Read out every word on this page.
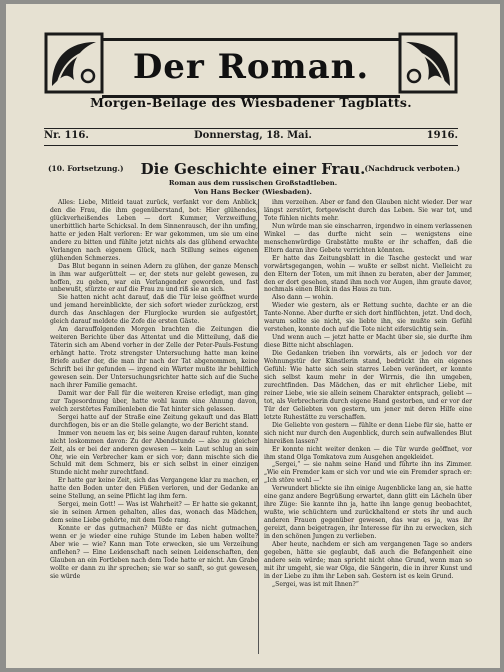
Der Roman.
Morgen-Beilage des Wiesbadener Tagblatts.
Nr. 116.	Donnerstag, 18. Mai.	1916.
(10. Fortsetzung.)	(Nachdruck verboten.)
Die Geschichte einer Frau.
Roman aus dem russischen Großstadtleben.
Von Hans Becker (Wiesbaden).

Alles: Liebe, Mitleid tauat zurück, verfankt vor dem Anblick, den die Frau, die ihm gegenüberstand, bot: Hier glühendes, glückverheißendes Leben — dort Kummer, Verzweiflung, unerbittlich harte Schicksal. In dem Sinnenrausch, der ihn umfing, hatte er jeden Halt verloren: Er war gekommen, um sie um eine andere zu bitten und fühlte jetzt nichts als das glühend erwachte Verlangen nach eigenem Glück, nach Stillung seines eigenen glühenden Schmerzes.

Das Blut begann in seinen Adern zu glühen, der ganze Mensch in ihm war aufgerüttelt — er, der stets nur gelebt gewesen, zu hoffen, zu geben, war ein Verlangender geworden, und fast unbewußt, stürzte er auf die Frau zu und riß sie an sich.

Sie hatten nicht acht darauf, daß die Tür leise geöffnet wurde und jemand hereinblickte, der sich sofort wieder zurückzog, erst durch das Anschlagen der Flurglocke wurden sie aufgestört, gleich darauf meldete die Zofe die ersten Gäste.

Am darauffolgenden Morgen brachten die Zeitungen die weiteren Berichte über das Attentat und die Mitteilung, daß die Täterin sich am Abend vorher in der Zelle der Peter-Pauls-Festung erhängt hatte. Trotz strengster Untersuchung hatte man keine Briefe außer der, die man ihr nach der Tat abgenommen, keine Schrift bei ihr gefunden — irgend ein Wärter mußte ihr behilflich gewesen sein. Der Untersuchungsrichter hatte sich auf die Suche nach ihrer Familie gemacht.

Damit war der Fall für die weiteren Kreise erledigt, man ging zur Tagesordnung über, hatte wohl kaum eine Ahnung davon, welch zerstörtes Familienleben die Tat hinter sich gelassen.

Sergei hatte auf der Straße eine Zeitung gekauft und das Blatt durchflogen, bis er an die Stelle gelangte, wo der Bericht stand.

Immer von neuem las er, bis seine Augen darauf ruhten, konnte nicht loskommen davon: Zu der Abendstunde — also zu gleicher Zeit, als er bei der anderen gewesen — kein Laut schlug an sein Ohr, wie ein Verbrecher kam er sich vor; dann mischte sich die Schuld mit dem Schmerz, bis er sich selbst in einer einzigen Stunde nicht mehr zurechtfand.

Er hatte gar keine Zeit, sich das Vergangene klar zu machen, er hatte den Boden unter den Füßen verloren, und der Gedanke an seine Stellung, an seine Pflicht lag ihm fern.

Sergei, mein Gott! — Was ist Wahrheit? — Er hatte sie gekannt, sie in seinen Armen gehalten, alles das, wonach das Mädchen, dem seine Liebe gehörte, mit dem Tode rang.

Konnte er das gutmachen? Müßte er das nicht gutmachen, wenn er je wieder eine ruhige Stunde im Leben haben wollte? Aber wie — wie? Kann man Tote erwecken, sie um Verzeihung anflehen? — Eine Leidenschaft nach seinen Leidenschaften, den Glauben an ein Fortleben nach dem Tode hatte er nicht. Am Grabe wollte er dann zu ihr sprechen; sie war so sanft, so gut gewesen, sie würde

ihm verzeihen. Aber er fand den Glauben nicht wieder. Der war längst zerstört, fortgewischt durch das Leben. Sie war tot, und Tote fühlen nichts mehr.

Nun würde man sie einscharren, irgendwo in einem verlassenen Winkel — das durfte nicht sein — wenigstens eine menschenwürdige Grabstätte mußte er ihr schaffen, daß die Eltern daran ihre Gebete verrichten könnten.

Er hatte das Zeitungsblatt in die Tasche gesteckt und war vorwärtsgegangen, wohin — wußte er selbst nicht. Vielleicht zu den Eltern der Toten, um mit ihnen zu beraten, aber der Jammer, den er dort gesehen, stand ihm noch vor Augen, ihm graute davor, nochmals einen Blick in das Haus zu tun.

Also dann — wohin.

Wieder wie gestern, als er Rettung suchte, dachte er an die Tante-Nonne. Aber durfte er sich dort hinflüchten, jetzt. Und doch, warum sollte sie nicht, sie liebte ihn, sie mußte sein Gefühl verstehen, konnte doch auf die Tote nicht eifersüchtig sein.

Und wenn auch — jetzt hatte er Macht über sie, sie durfte ihm diese Bitte nicht abschlagen.

Die Gedanken trieben ihn vorwärts, als er jedoch vor der Wohnungstür der Künstlerin stand, bedrückt ihn ein eigenes Gefühl: Wie hatte sich sein starres Leben verändert, er konnte sich selbst kaum mehr in der Wirrnis, die ihn umgeben, zurechtfinden. Das Mädchen, das er mit ehrlicher Liebe, mit reiner Liebe, wie sie allein seinem Charakter entsprach, geliebt — tot, als Verbrecherin durch eigene Hand gestorben, und er vor der Tür der Geliebten von gestern, um jener mit deren Hilfe eine letzte Ruhestätte zu verschaffen.

Die Geliebte von gestern — fühlte er denn Liebe für sie, hatte er sich nicht nur durch den Augenblick, durch sein aufwallendes Blut hinreißen lassen?

Er konnte nicht weiter denken — die Tür wurde geöffnet, vor ihm stand Olga Tomkatova zum Ausgehen angekleidet.

„Sergei,“ — sie nahm seine Hand und führte ihn ins Zimmer. „Wie ein Fremder kam er sich vor und wie ein Fremder sprach er: „Ich störe wohl —“

Verwundert blickte sie ihn einige Augenblicke lang an, sie hatte eine ganz andere Begrüßung erwartet, dann glitt ein Lächeln über ihre Züge: Sie kannte ihn ja, hatte ihn lange genug beobachtet, wußte, wie schüchtern und zurückhaltend er stets ihr und auch anderen Frauen gegenüber gewesen, das war es ja, was ihr gereizt, dann beigetragen, ihr Interesse für ihn zu erwecken, sich in den schönen Jungen zu verlieben.

Aber heute, nachdem er sich am vergangenen Tage so anders gegeben, hätte sie geglaubt, daß auch die Befangenheit eine andere sein würde; man spricht nicht ohne Grund, wenn man so mit ihr umgeht, sie war Olga, die Sängerin, die in ihrer Kunst und in der Liebe zu ihm ihr Leben sah. Gestern ist es kein Grund.

„Sergei, was ist mit Ihnen?“
